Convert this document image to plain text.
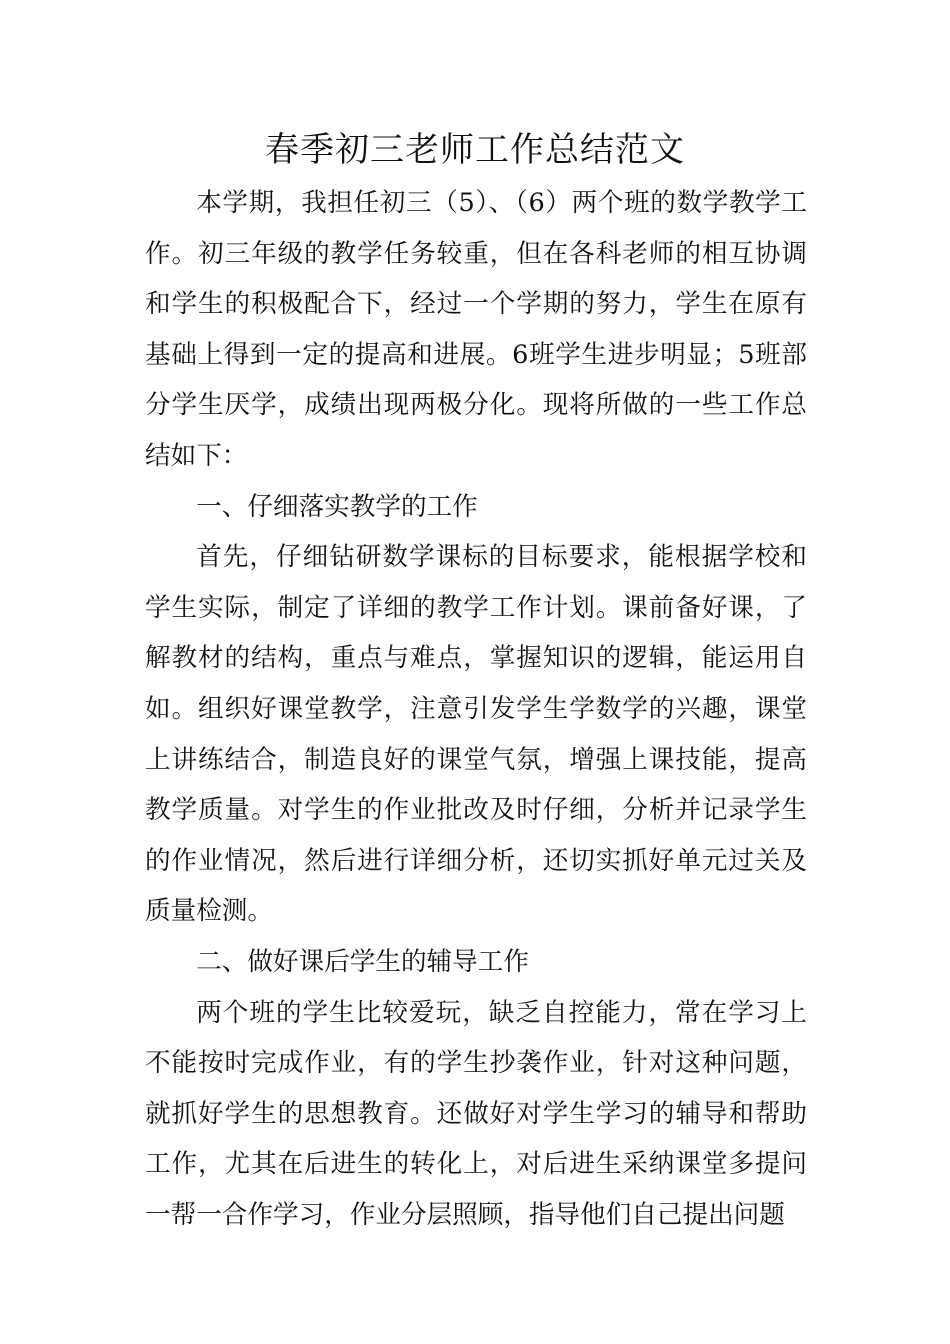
春季初三老师工作总结范文

本学期，我担任初三（5）、（6）两个班的数学教学工作。初三年级的教学任务较重，但在各科老师的相互协调和学生的积极配合下，经过一个学期的努力，学生在原有基础上得到一定的提高和进展。6班学生进步明显；5班部分学生厌学，成绩出现两极分化。现将所做的一些工作总结如下：

一、仔细落实教学的工作

首先，仔细钻研数学课标的目标要求，能根据学校和学生实际，制定了详细的教学工作计划。课前备好课，了解教材的结构，重点与难点，掌握知识的逻辑，能运用自如。组织好课堂教学，注意引发学生学数学的兴趣，课堂上讲练结合，制造良好的课堂气氛，增强上课技能，提高教学质量。对学生的作业批改及时仔细，分析并记录学生的作业情况，然后进行详细分析，还切实抓好单元过关及质量检测。

二、做好课后学生的辅导工作

两个班的学生比较爱玩，缺乏自控能力，常在学习上不能按时完成作业，有的学生抄袭作业，针对这种问题，就抓好学生的思想教育。还做好对学生学习的辅导和帮助工作，尤其在后进生的转化上，对后进生采纳课堂多提问一帮一合作学习，作业分层照顾，指导他们自己提出问题
